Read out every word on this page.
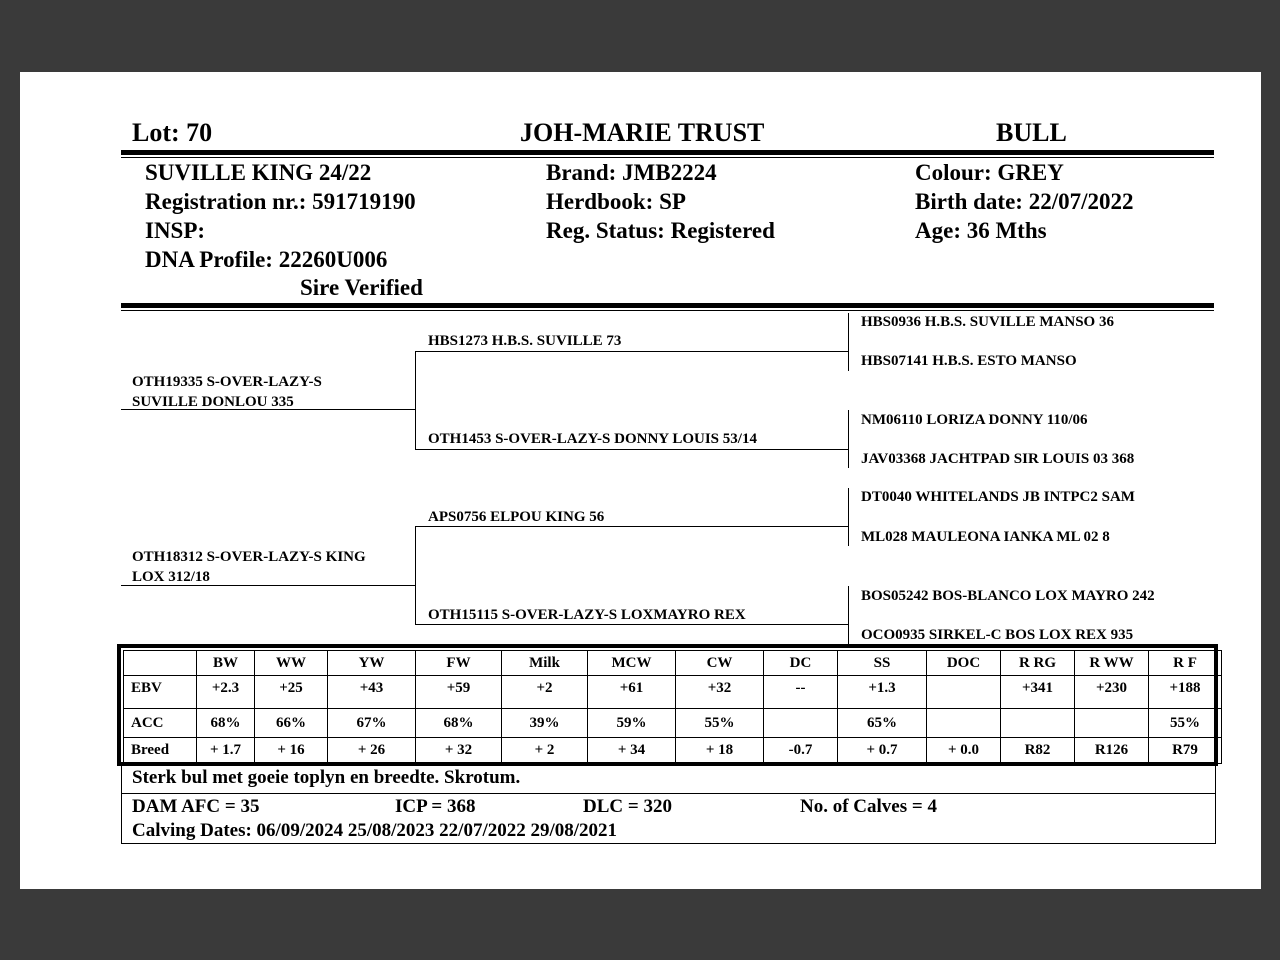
Lot: 70	JOH-MARIE TRUST	BULL
SUVILLE KING 24/22
Registration nr.: 591719190
INSP:
DNA Profile: 22260U006
Sire Verified
Brand: JMB2224
Herdbook: SP
Reg. Status: Registered
Colour: GREY
Birth date: 22/07/2022
Age: 36 Mths
OTH19335 S-OVER-LAZY-S
SUVILLE DONLOU 335
OTH18312 S-OVER-LAZY-S KING
LOX 312/18
HBS1273 H.B.S. SUVILLE 73
OTH1453 S-OVER-LAZY-S DONNY LOUIS 53/14
APS0756 ELPOU KING 56
OTH15115 S-OVER-LAZY-S LOXMAYRO REX
HBS0936 H.B.S. SUVILLE MANSO 36
HBS07141 H.B.S. ESTO MANSO
NM06110 LORIZA DONNY 110/06
JAV03368 JACHTPAD SIR LOUIS 03 368
DT0040 WHITELANDS JB INTPC2 SAM
ML028 MAULEONA IANKA ML 02 8
BOS05242 BOS-BLANCO LOX MAYRO 242
OCO0935 SIRKEL-C BOS LOX REX 935
	BW	WW	YW	FW	Milk	MCW	CW	DC	SS	DOC	R RG	R WW	R F
EBV	+2.3	+25	+43	+59	+2	+61	+32	--	+1.3		+341	+230	+188
ACC	68%	66%	67%	68%	39%	59%	55%		65%				55%
Breed	+ 1.7	+ 16	+ 26	+ 32	+ 2	+ 34	+ 18	-0.7	+ 0.7	+ 0.0	R82	R126	R79
Sterk bul met goeie toplyn en breedte. Skrotum.
DAM AFC = 35	ICP = 368	DLC = 320	No. of Calves = 4
Calving Dates: 06/09/2024 25/08/2023 22/07/2022 29/08/2021
